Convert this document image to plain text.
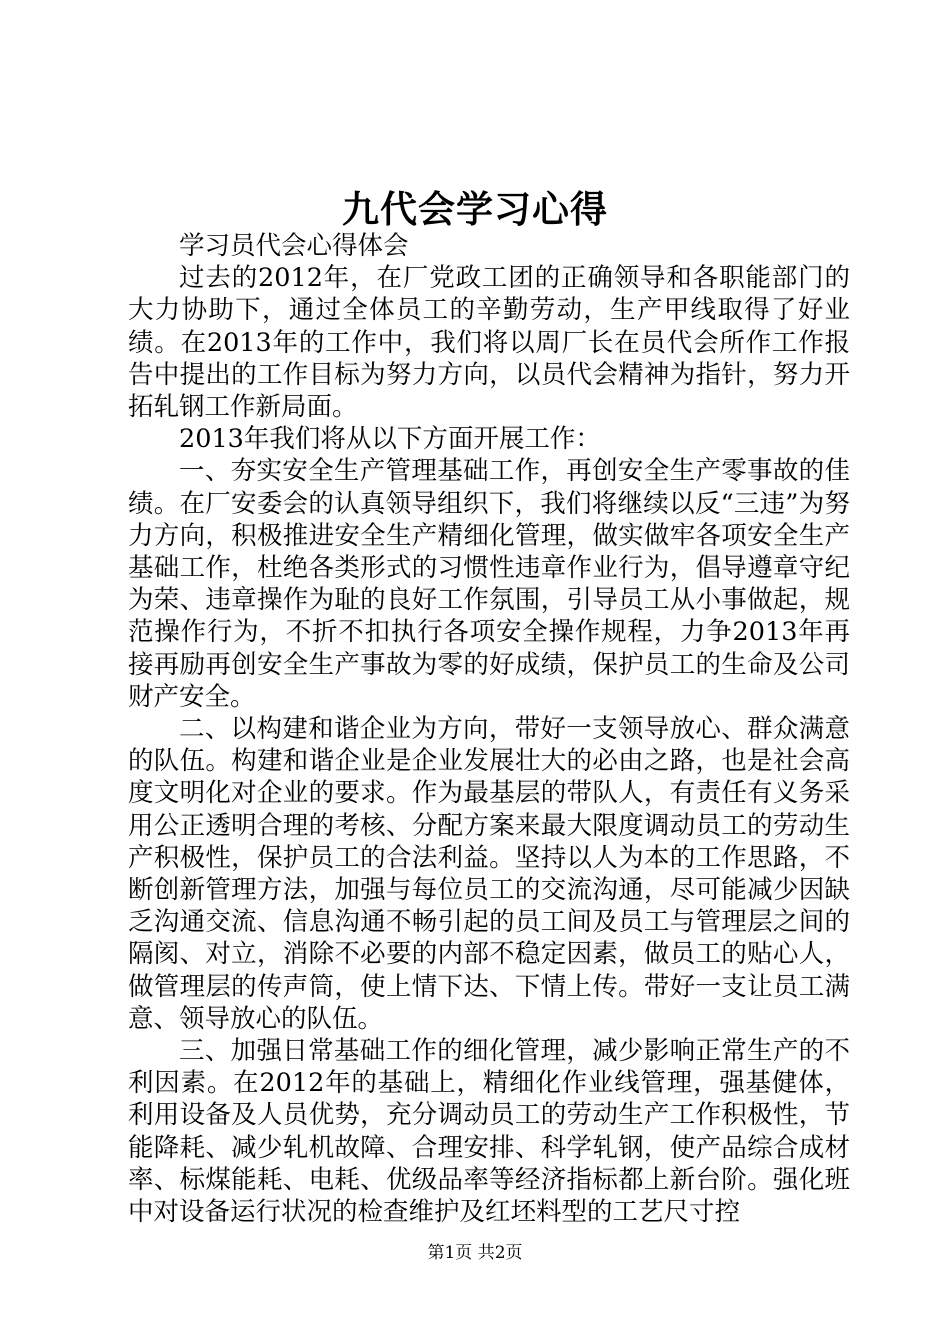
九代会学习心得

学习员代会心得体会

过去的2012年，在厂党政工团的正确领导和各职能部门的大力协助下，通过全体员工的辛勤劳动，生产甲线取得了好业绩。在2013年的工作中，我们将以周厂长在员代会所作工作报告中提出的工作目标为努力方向，以员代会精神为指针，努力开拓轧钢工作新局面。

2013年我们将从以下方面开展工作：

一、夯实安全生产管理基础工作，再创安全生产零事故的佳绩。在厂安委会的认真领导组织下，我们将继续以反“三违”为努力方向，积极推进安全生产精细化管理，做实做牢各项安全生产基础工作，杜绝各类形式的习惯性违章作业行为，倡导遵章守纪为荣、违章操作为耻的良好工作氛围，引导员工从小事做起，规范操作行为，不折不扣执行各项安全操作规程，力争2013年再接再励再创安全生产事故为零的好成绩，保护员工的生命及公司财产安全。

二、以构建和谐企业为方向，带好一支领导放心、群众满意的队伍。构建和谐企业是企业发展壮大的必由之路，也是社会高度文明化对企业的要求。作为最基层的带队人，有责任有义务采用公正透明合理的考核、分配方案来最大限度调动员工的劳动生产积极性，保护员工的合法利益。坚持以人为本的工作思路，不断创新管理方法，加强与每位员工的交流沟通，尽可能减少因缺乏沟通交流、信息沟通不畅引起的员工间及员工与管理层之间的隔阂、对立，消除不必要的内部不稳定因素，做员工的贴心人，做管理层的传声筒，使上情下达、下情上传。带好一支让员工满意、领导放心的队伍。

三、加强日常基础工作的细化管理，减少影响正常生产的不利因素。在2012年的基础上，精细化作业线管理，强基健体，利用设备及人员优势，充分调动员工的劳动生产工作积极性，节能降耗、减少轧机故障、合理安排、科学轧钢，使产品综合成材率、标煤能耗、电耗、优级品率等经济指标都上新台阶。强化班中对设备运行状况的检查维护及红坯料型的工艺尺寸控

第1页 共2页
